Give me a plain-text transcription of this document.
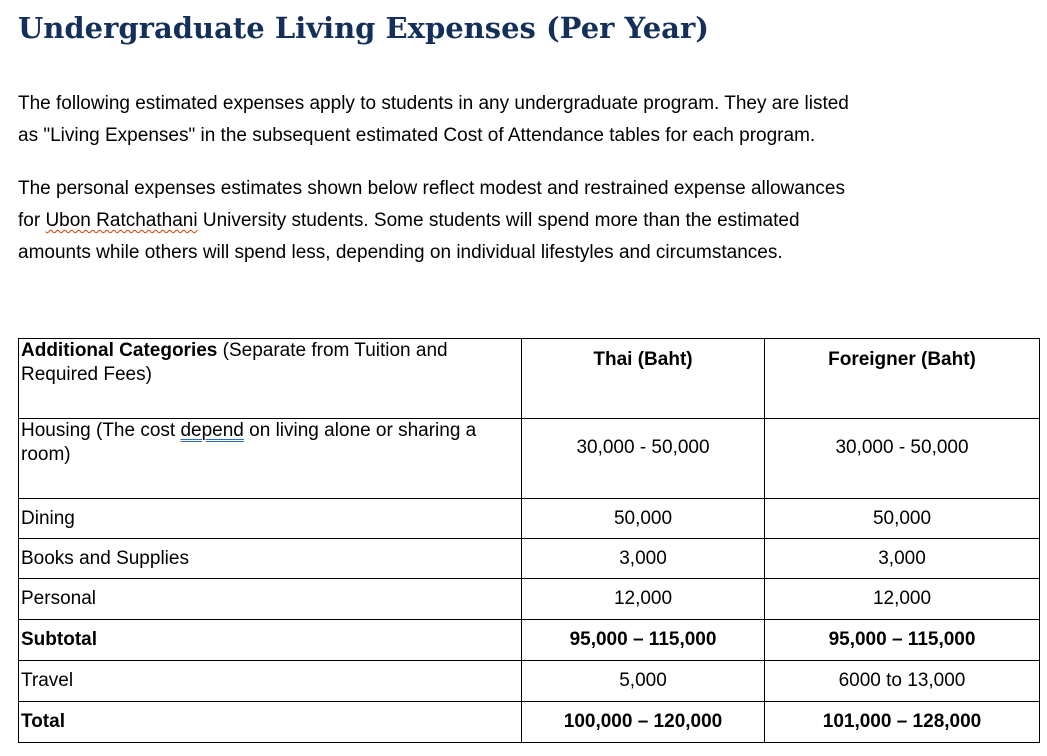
Undergraduate Living Expenses (Per Year)

The following estimated expenses apply to students in any undergraduate program. They are listed
as "Living Expenses" in the subsequent estimated Cost of Attendance tables for each program.

The personal expenses estimates shown below reflect modest and restrained expense allowances
for Ubon Ratchathani University students. Some students will spend more than the estimated
amounts while others will spend less, depending on individual lifestyles and circumstances.

Additional Categories (Separate from Tuition and Required Fees)	Thai (Baht)	Foreigner (Baht)
Housing (The cost depend on living alone or sharing a room)	30,000 - 50,000	30,000 - 50,000
Dining	50,000	50,000
Books and Supplies	3,000	3,000
Personal	12,000	12,000
Subtotal	95,000 – 115,000	95,000 – 115,000
Travel	5,000	6000 to 13,000
Total	100,000 – 120,000	101,000 – 128,000
